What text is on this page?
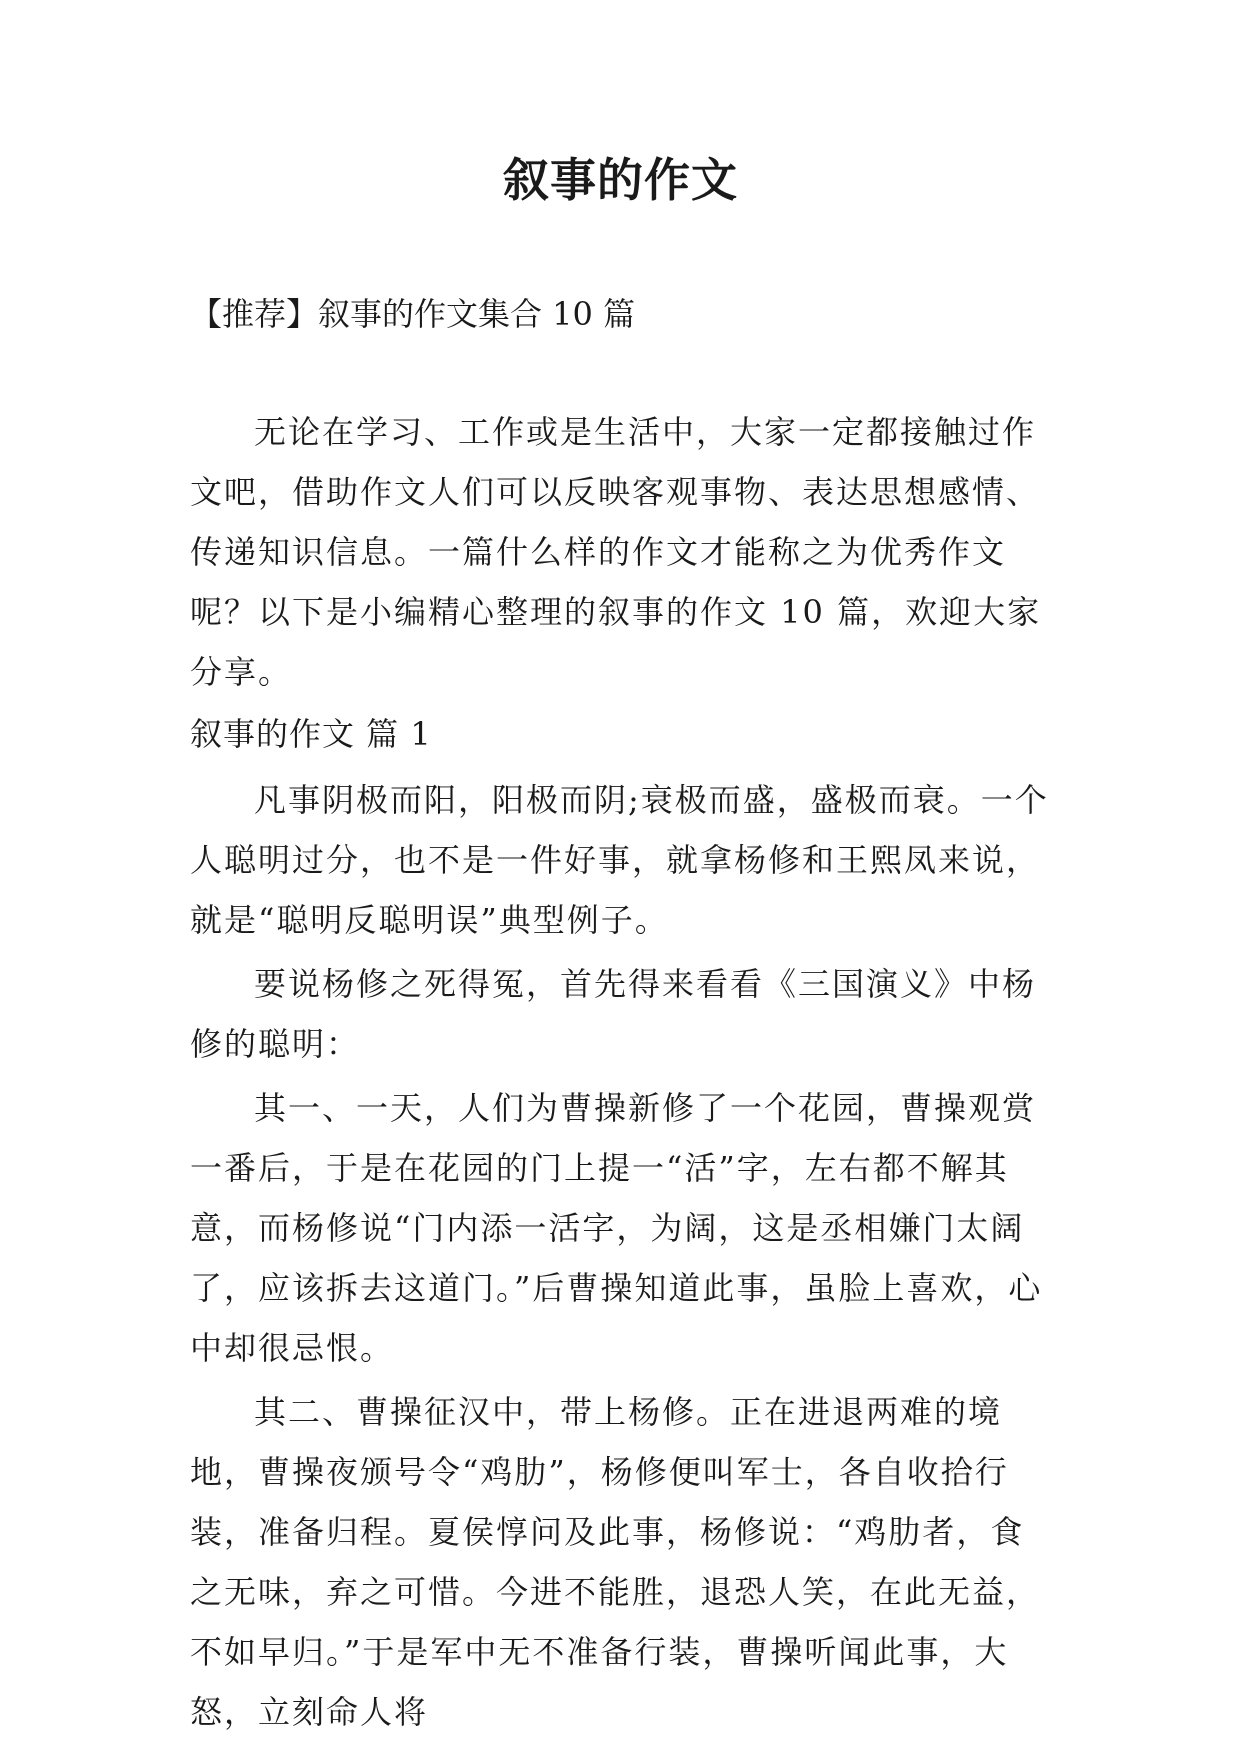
叙事的作文
【推荐】叙事的作文集合 10 篇

无论在学习、工作或是生活中，大家一定都接触过作文吧，借助作文人们可以反映客观事物、表达思想感情、传递知识信息。一篇什么样的作文才能称之为优秀作文呢？以下是小编精心整理的叙事的作文 10 篇，欢迎大家分享。

叙事的作文 篇 1

凡事阴极而阳，阳极而阴;衰极而盛，盛极而衰。一个人聪明过分，也不是一件好事，就拿杨修和王熙凤来说，就是“聪明反聪明误”典型例子。

要说杨修之死得冤，首先得来看看《三国演义》中杨修的聪明：

其一、一天，人们为曹操新修了一个花园，曹操观赏一番后，于是在花园的门上提一“活”字，左右都不解其意，而杨修说“门内添一活字，为阔，这是丞相嫌门太阔了，应该拆去这道门。”后曹操知道此事，虽脸上喜欢，心中却很忌恨。

其二、曹操征汉中，带上杨修。正在进退两难的境地，曹操夜颁号令“鸡肋”，杨修便叫军士，各自收拾行装，准备归程。夏侯惇问及此事，杨修说：“鸡肋者，食之无味，弃之可惜。今进不能胜，退恐人笑，在此无益，不如早归。”于是军中无不准备行装，曹操听闻此事，大怒，立刻命人将
